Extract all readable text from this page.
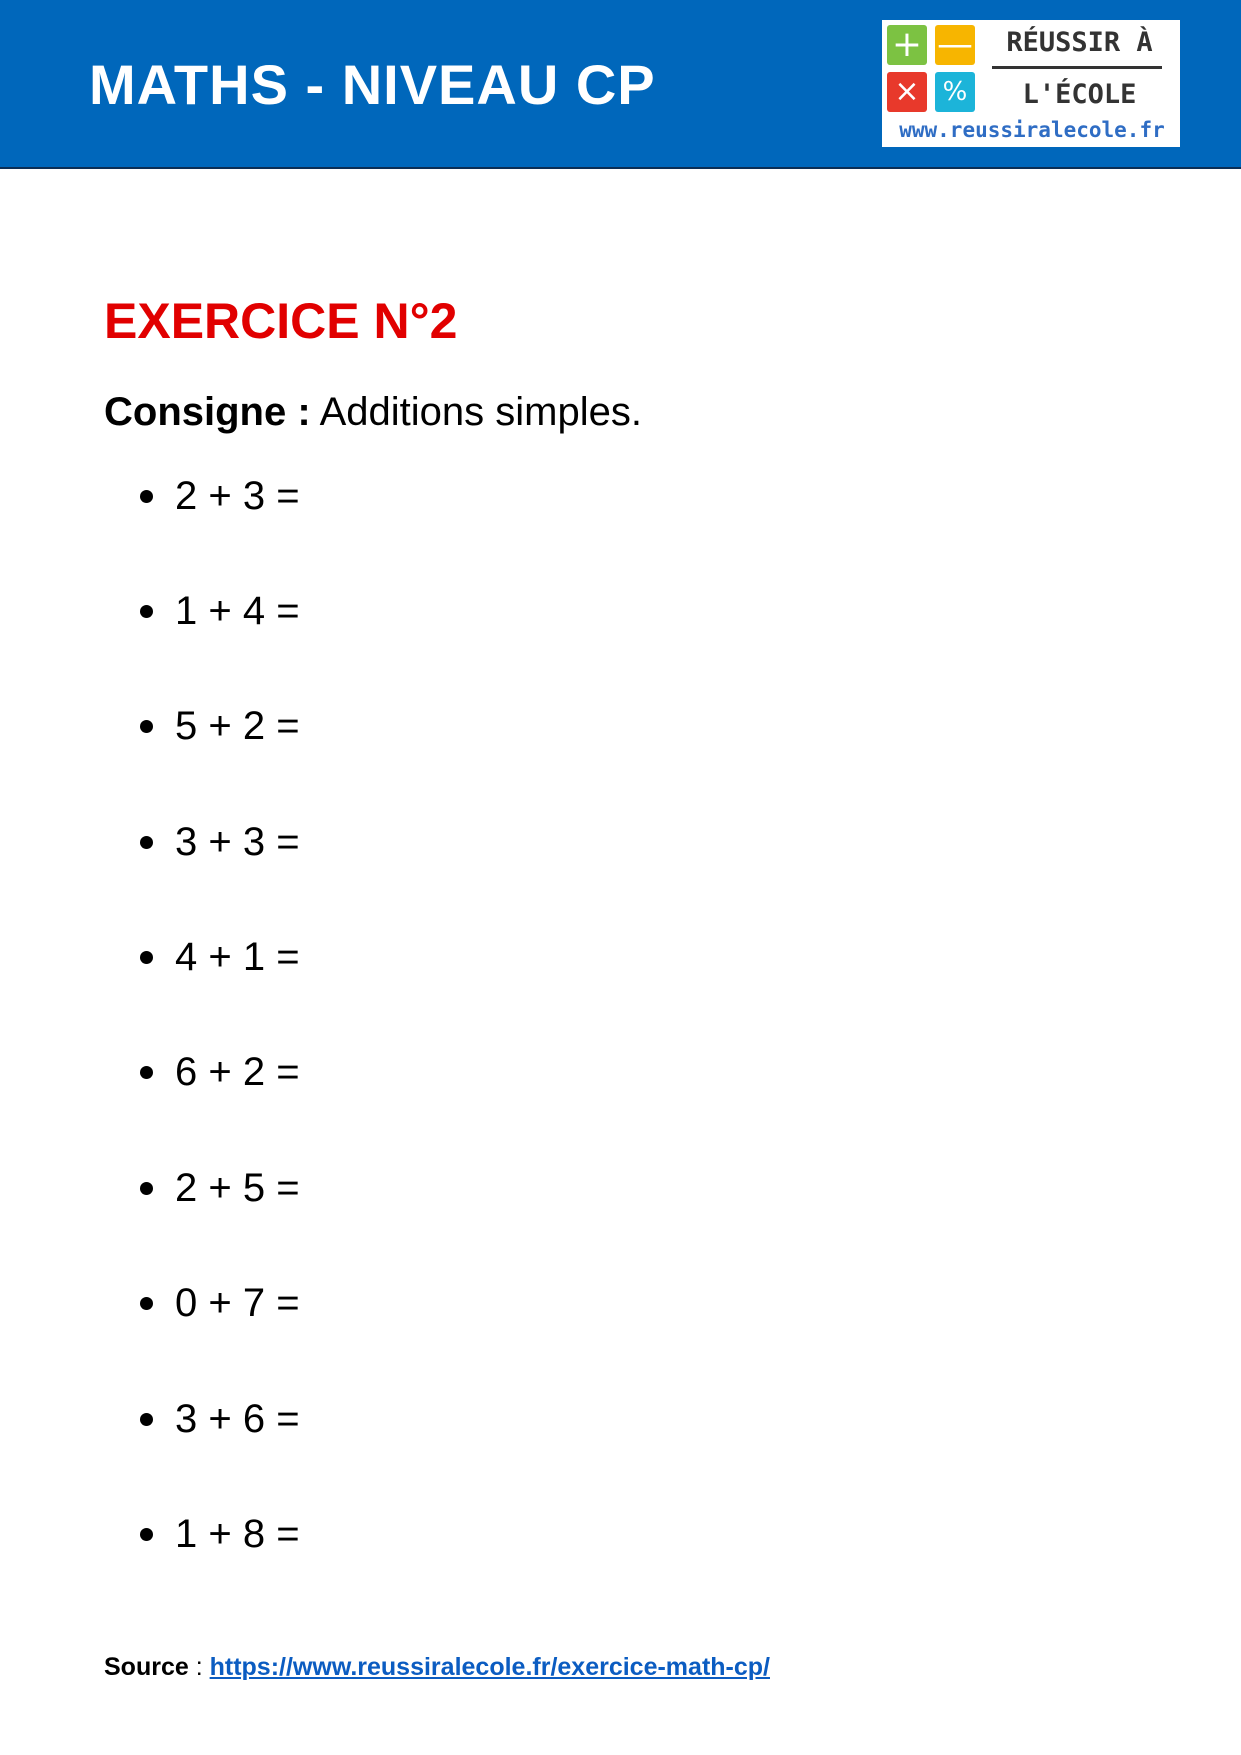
MATHS - NIVEAU CP
+ —
× %
RÉUSSIR À
L'ÉCOLE
www.reussiralecole.fr
EXERCICE N°2
Consigne : Additions simples.
2 + 3 =
1 + 4 =
5 + 2 =
3 + 3 =
4 + 1 =
6 + 2 =
2 + 5 =
0 + 7 =
3 + 6 =
1 + 8 =
Source : https://www.reussiralecole.fr/exercice-math-cp/
